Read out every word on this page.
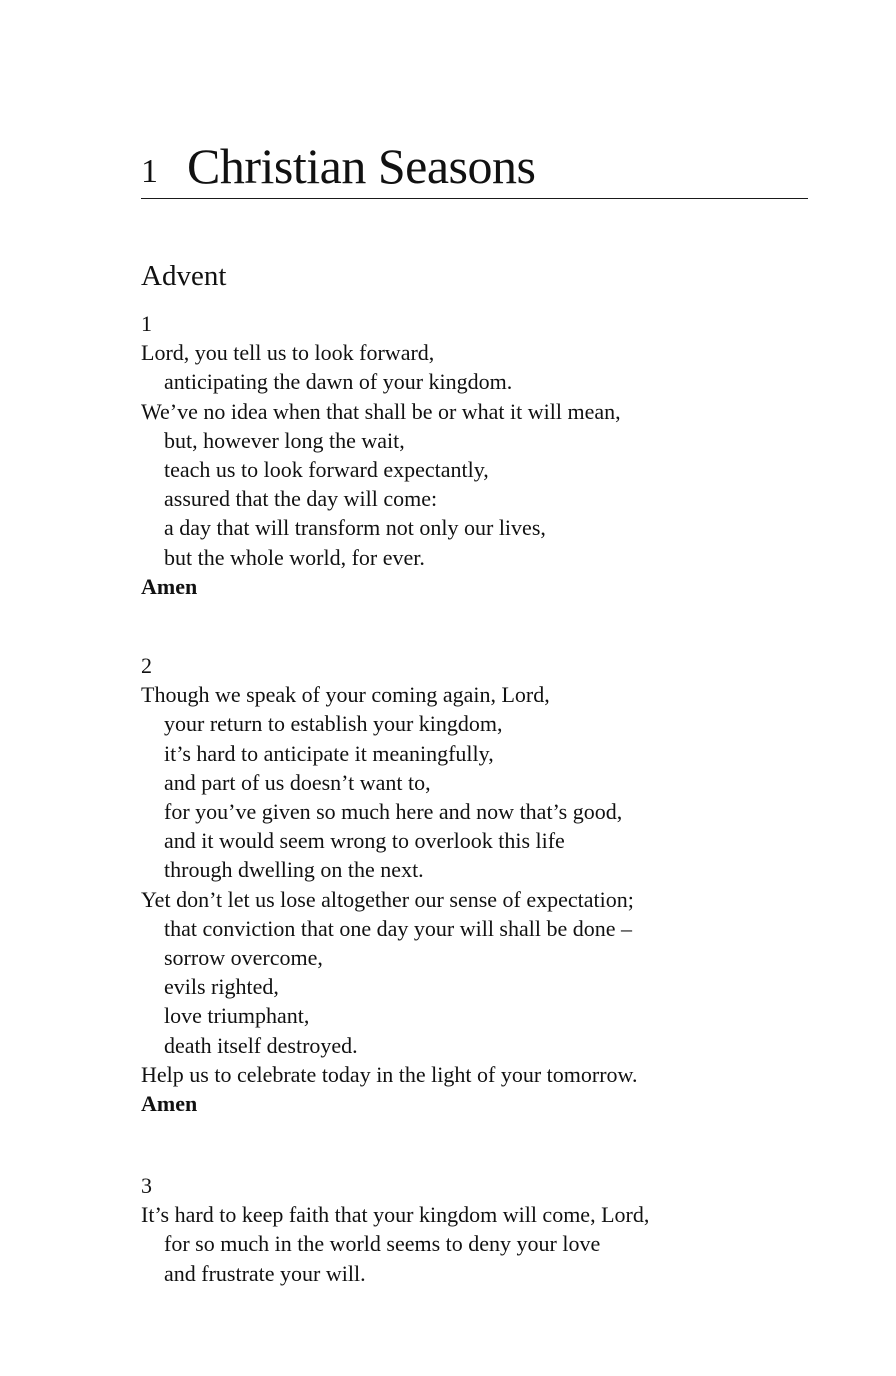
1 Christian Seasons
Advent
1
Lord, you tell us to look forward,
anticipating the dawn of your kingdom.
We’ve no idea when that shall be or what it will mean,
but, however long the wait,
teach us to look forward expectantly,
assured that the day will come:
a day that will transform not only our lives,
but the whole world, for ever.
Amen
2
Though we speak of your coming again, Lord,
your return to establish your kingdom,
it’s hard to anticipate it meaningfully,
and part of us doesn’t want to,
for you’ve given so much here and now that’s good,
and it would seem wrong to overlook this life
through dwelling on the next.
Yet don’t let us lose altogether our sense of expectation;
that conviction that one day your will shall be done –
sorrow overcome,
evils righted,
love triumphant,
death itself destroyed.
Help us to celebrate today in the light of your tomorrow.
Amen
3
It’s hard to keep faith that your kingdom will come, Lord,
for so much in the world seems to deny your love
and frustrate your will.
